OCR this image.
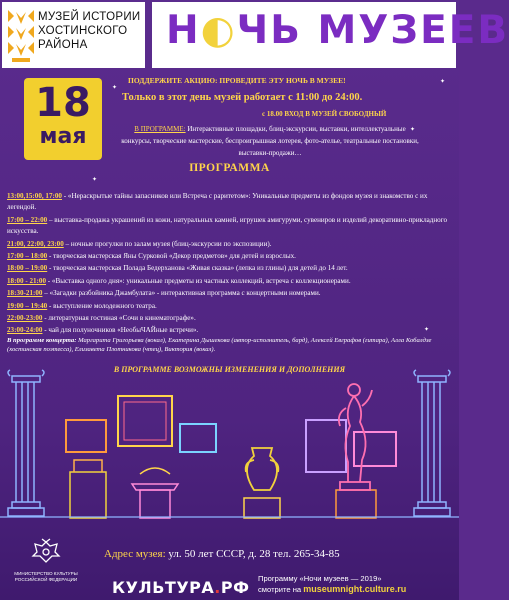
МУЗЕЙ ИСТОРИИ
ХОСТИНСКОГО
РАЙОНА	Н◐ЧЬ МУЗЕЕВ
18
мая
✦
✦
✦
✦
✦
ПОДДЕРЖИТЕ АКЦИЮ: ПРОВЕДИТЕ ЭТУ НОЧЬ В МУЗЕЕ!
Только в этот день музей работает с 11:00 до 24:00.
с 18.00 ВХОД В МУЗЕЙ СВОБОДНЫЙ
В ПРОГРАММЕ: Интерактивные площадки, блиц-экскурсии, выставки, интеллектуальные конкурсы, творческие мастерские, беспроигрышная лотерея, фото-ателье, театральные постановки, выставки-продажи…
ПРОГРАММА
13:00,15:00, 17:00 - «Нераскрытые тайны запасников или Встреча с раритетом»: Уникальные предметы из фондов музея и знакомство с их легендой.
17:00 – 22:00 – выставка-продажа украшений из кожи, натуральных камней, игрушек амигуруми, сувениров и изделий декоративно-прикладного искусства.
21:00, 22:00, 23:00 – ночные прогулки по залам музея (блиц-экскурсии по экспозиции).
17:00 – 18:00 - творческая мастерская Яны Сурковой «Декор предметов» для детей и взрослых.
18:00 – 19:00 - творческая мастерская Полада Бедерханова «Живая сказка» (лепка из глины) для детей до 14 лет.
18:00 - 21:00 - «Выставка одного дня»: уникальные предметы из частных коллекций, встреча с коллекционерами.
18:30-21:00 – «Загадки разбойника Джамбулата» - интерактивная программа с концертными номерами.
19:00 – 19:40 - выступление молодежного театра.
22:00-23:00 - литературная гостиная «Сочи в кинематографе».
23:00-24:00 - чай для полуночников «НеобыЧАЙные встречи».
В программе концерта: Маргарита Григорьева (вокал), Екатерина Дышекова (автор-исполнитель, бард), Алексей Евграфов (гитара), Алла Кобалдзе (хостинская поэтесса), Елизавета Плотникова (чтец), Виктория (вокал).
В ПРОГРАММЕ ВОЗМОЖНЫ ИЗМЕНЕНИЯ И ДОПОЛНЕНИЯ
МИНИСТЕРСТВО КУЛЬТУРЫ РОССИЙСКОЙ ФЕДЕРАЦИИ
Адрес музея: ул. 50 лет СССР, д. 28 тел. 265-34-85
КУЛЬТУРА.РФ Программу «Ночи музеев — 2019»
смотрите на museumnight.culture.ru
